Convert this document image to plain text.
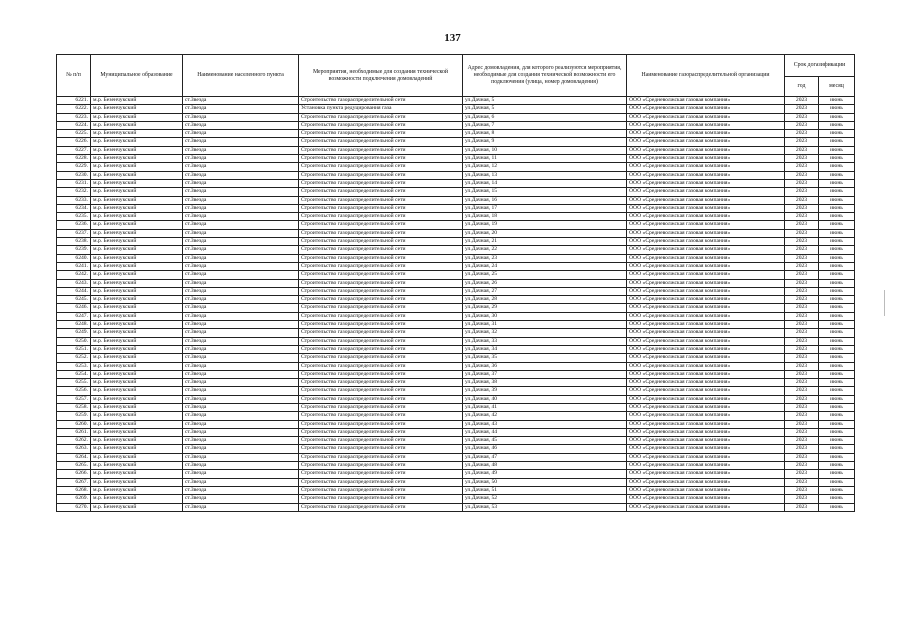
137
№ п/п	Муниципальное образование	Наименование населенного пункта	Мероприятия, необходимые для создания технической возможности подключения домовладений	Адрес домовладения, для которого реализуются мероприятия, необходимые для создания технической возможности его подключения (улица, номер домовладения)	Наименование газораспределительной организации	Срок догазификации	
						год	месяц
6221.	м.р. Безенчукский	ст.Звезда	Строительство газораспределительной сети	ул.Дачная, 5	ООО «Средневолжская газовая компания»	2023	июнь
6222.	м.р. Безенчукский	ст.Звезда	Установка пункта редуцирования газа	ул.Дачная, 5	ООО «Средневолжская газовая компания»	2023	июнь
6223.	м.р. Безенчукский	ст.Звезда	Строительство газораспределительной сети	ул.Дачная, 6	ООО «Средневолжская газовая компания»	2023	июнь
6224.	м.р. Безенчукский	ст.Звезда	Строительство газораспределительной сети	ул.Дачная, 7	ООО «Средневолжская газовая компания»	2023	июнь
6225.	м.р. Безенчукский	ст.Звезда	Строительство газораспределительной сети	ул.Дачная, 8	ООО «Средневолжская газовая компания»	2023	июнь
6226.	м.р. Безенчукский	ст.Звезда	Строительство газораспределительной сети	ул.Дачная, 9	ООО «Средневолжская газовая компания»	2023	июнь
6227.	м.р. Безенчукский	ст.Звезда	Строительство газораспределительной сети	ул.Дачная, 10	ООО «Средневолжская газовая компания»	2023	июнь
6228.	м.р. Безенчукский	ст.Звезда	Строительство газораспределительной сети	ул.Дачная, 11	ООО «Средневолжская газовая компания»	2023	июнь
6229.	м.р. Безенчукский	ст.Звезда	Строительство газораспределительной сети	ул.Дачная, 12	ООО «Средневолжская газовая компания»	2023	июнь
6230.	м.р. Безенчукский	ст.Звезда	Строительство газораспределительной сети	ул.Дачная, 13	ООО «Средневолжская газовая компания»	2023	июнь
6231.	м.р. Безенчукский	ст.Звезда	Строительство газораспределительной сети	ул.Дачная, 14	ООО «Средневолжская газовая компания»	2023	июнь
6232.	м.р. Безенчукский	ст.Звезда	Строительство газораспределительной сети	ул.Дачная, 15	ООО «Средневолжская газовая компания»	2023	июнь
6233.	м.р. Безенчукский	ст.Звезда	Строительство газораспределительной сети	ул.Дачная, 16	ООО «Средневолжская газовая компания»	2023	июнь
6234.	м.р. Безенчукский	ст.Звезда	Строительство газораспределительной сети	ул.Дачная, 17	ООО «Средневолжская газовая компания»	2023	июнь
6235.	м.р. Безенчукский	ст.Звезда	Строительство газораспределительной сети	ул.Дачная, 18	ООО «Средневолжская газовая компания»	2023	июнь
6236.	м.р. Безенчукский	ст.Звезда	Строительство газораспределительной сети	ул.Дачная, 19	ООО «Средневолжская газовая компания»	2023	июнь
6237.	м.р. Безенчукский	ст.Звезда	Строительство газораспределительной сети	ул.Дачная, 20	ООО «Средневолжская газовая компания»	2023	июнь
6238.	м.р. Безенчукский	ст.Звезда	Строительство газораспределительной сети	ул.Дачная, 21	ООО «Средневолжская газовая компания»	2023	июнь
6239.	м.р. Безенчукский	ст.Звезда	Строительство газораспределительной сети	ул.Дачная, 22	ООО «Средневолжская газовая компания»	2023	июнь
6240.	м.р. Безенчукский	ст.Звезда	Строительство газораспределительной сети	ул.Дачная, 23	ООО «Средневолжская газовая компания»	2023	июнь
6241.	м.р. Безенчукский	ст.Звезда	Строительство газораспределительной сети	ул.Дачная, 24	ООО «Средневолжская газовая компания»	2023	июнь
6242.	м.р. Безенчукский	ст.Звезда	Строительство газораспределительной сети	ул.Дачная, 25	ООО «Средневолжская газовая компания»	2023	июнь
6243.	м.р. Безенчукский	ст.Звезда	Строительство газораспределительной сети	ул.Дачная, 26	ООО «Средневолжская газовая компания»	2023	июнь
6244.	м.р. Безенчукский	ст.Звезда	Строительство газораспределительной сети	ул.Дачная, 27	ООО «Средневолжская газовая компания»	2023	июнь
6245.	м.р. Безенчукский	ст.Звезда	Строительство газораспределительной сети	ул.Дачная, 28	ООО «Средневолжская газовая компания»	2023	июнь
6246.	м.р. Безенчукский	ст.Звезда	Строительство газораспределительной сети	ул.Дачная, 29	ООО «Средневолжская газовая компания»	2023	июнь
6247.	м.р. Безенчукский	ст.Звезда	Строительство газораспределительной сети	ул.Дачная, 30	ООО «Средневолжская газовая компания»	2023	июнь
6248.	м.р. Безенчукский	ст.Звезда	Строительство газораспределительной сети	ул.Дачная, 31	ООО «Средневолжская газовая компания»	2023	июнь
6249.	м.р. Безенчукский	ст.Звезда	Строительство газораспределительной сети	ул.Дачная, 32	ООО «Средневолжская газовая компания»	2023	июнь
6250.	м.р. Безенчукский	ст.Звезда	Строительство газораспределительной сети	ул.Дачная, 33	ООО «Средневолжская газовая компания»	2023	июнь
6251.	м.р. Безенчукский	ст.Звезда	Строительство газораспределительной сети	ул.Дачная, 34	ООО «Средневолжская газовая компания»	2023	июнь
6252.	м.р. Безенчукский	ст.Звезда	Строительство газораспределительной сети	ул.Дачная, 35	ООО «Средневолжская газовая компания»	2023	июнь
6253.	м.р. Безенчукский	ст.Звезда	Строительство газораспределительной сети	ул.Дачная, 36	ООО «Средневолжская газовая компания»	2023	июнь
6254.	м.р. Безенчукский	ст.Звезда	Строительство газораспределительной сети	ул.Дачная, 37	ООО «Средневолжская газовая компания»	2023	июнь
6255.	м.р. Безенчукский	ст.Звезда	Строительство газораспределительной сети	ул.Дачная, 38	ООО «Средневолжская газовая компания»	2023	июнь
6256.	м.р. Безенчукский	ст.Звезда	Строительство газораспределительной сети	ул.Дачная, 39	ООО «Средневолжская газовая компания»	2023	июнь
6257.	м.р. Безенчукский	ст.Звезда	Строительство газораспределительной сети	ул.Дачная, 40	ООО «Средневолжская газовая компания»	2023	июнь
6258.	м.р. Безенчукский	ст.Звезда	Строительство газораспределительной сети	ул.Дачная, 41	ООО «Средневолжская газовая компания»	2023	июнь
6259.	м.р. Безенчукский	ст.Звезда	Строительство газораспределительной сети	ул.Дачная, 42	ООО «Средневолжская газовая компания»	2023	июнь
6260.	м.р. Безенчукский	ст.Звезда	Строительство газораспределительной сети	ул.Дачная, 43	ООО «Средневолжская газовая компания»	2023	июнь
6261.	м.р. Безенчукский	ст.Звезда	Строительство газораспределительной сети	ул.Дачная, 44	ООО «Средневолжская газовая компания»	2023	июнь
6262.	м.р. Безенчукский	ст.Звезда	Строительство газораспределительной сети	ул.Дачная, 45	ООО «Средневолжская газовая компания»	2023	июнь
6263.	м.р. Безенчукский	ст.Звезда	Строительство газораспределительной сети	ул.Дачная, 46	ООО «Средневолжская газовая компания»	2023	июнь
6264.	м.р. Безенчукский	ст.Звезда	Строительство газораспределительной сети	ул.Дачная, 47	ООО «Средневолжская газовая компания»	2023	июнь
6265.	м.р. Безенчукский	ст.Звезда	Строительство газораспределительной сети	ул.Дачная, 48	ООО «Средневолжская газовая компания»	2023	июнь
6266.	м.р. Безенчукский	ст.Звезда	Строительство газораспределительной сети	ул.Дачная, 49	ООО «Средневолжская газовая компания»	2023	июнь
6267.	м.р. Безенчукский	ст.Звезда	Строительство газораспределительной сети	ул.Дачная, 50	ООО «Средневолжская газовая компания»	2023	июнь
6268.	м.р. Безенчукский	ст.Звезда	Строительство газораспределительной сети	ул.Дачная, 51	ООО «Средневолжская газовая компания»	2023	июнь
6269.	м.р. Безенчукский	ст.Звезда	Строительство газораспределительной сети	ул.Дачная, 52	ООО «Средневолжская газовая компания»	2023	июнь
6270.	м.р. Безенчукский	ст.Звезда	Строительство газораспределительной сети	ул.Дачная, 53	ООО «Средневолжская газовая компания»	2023	июнь
